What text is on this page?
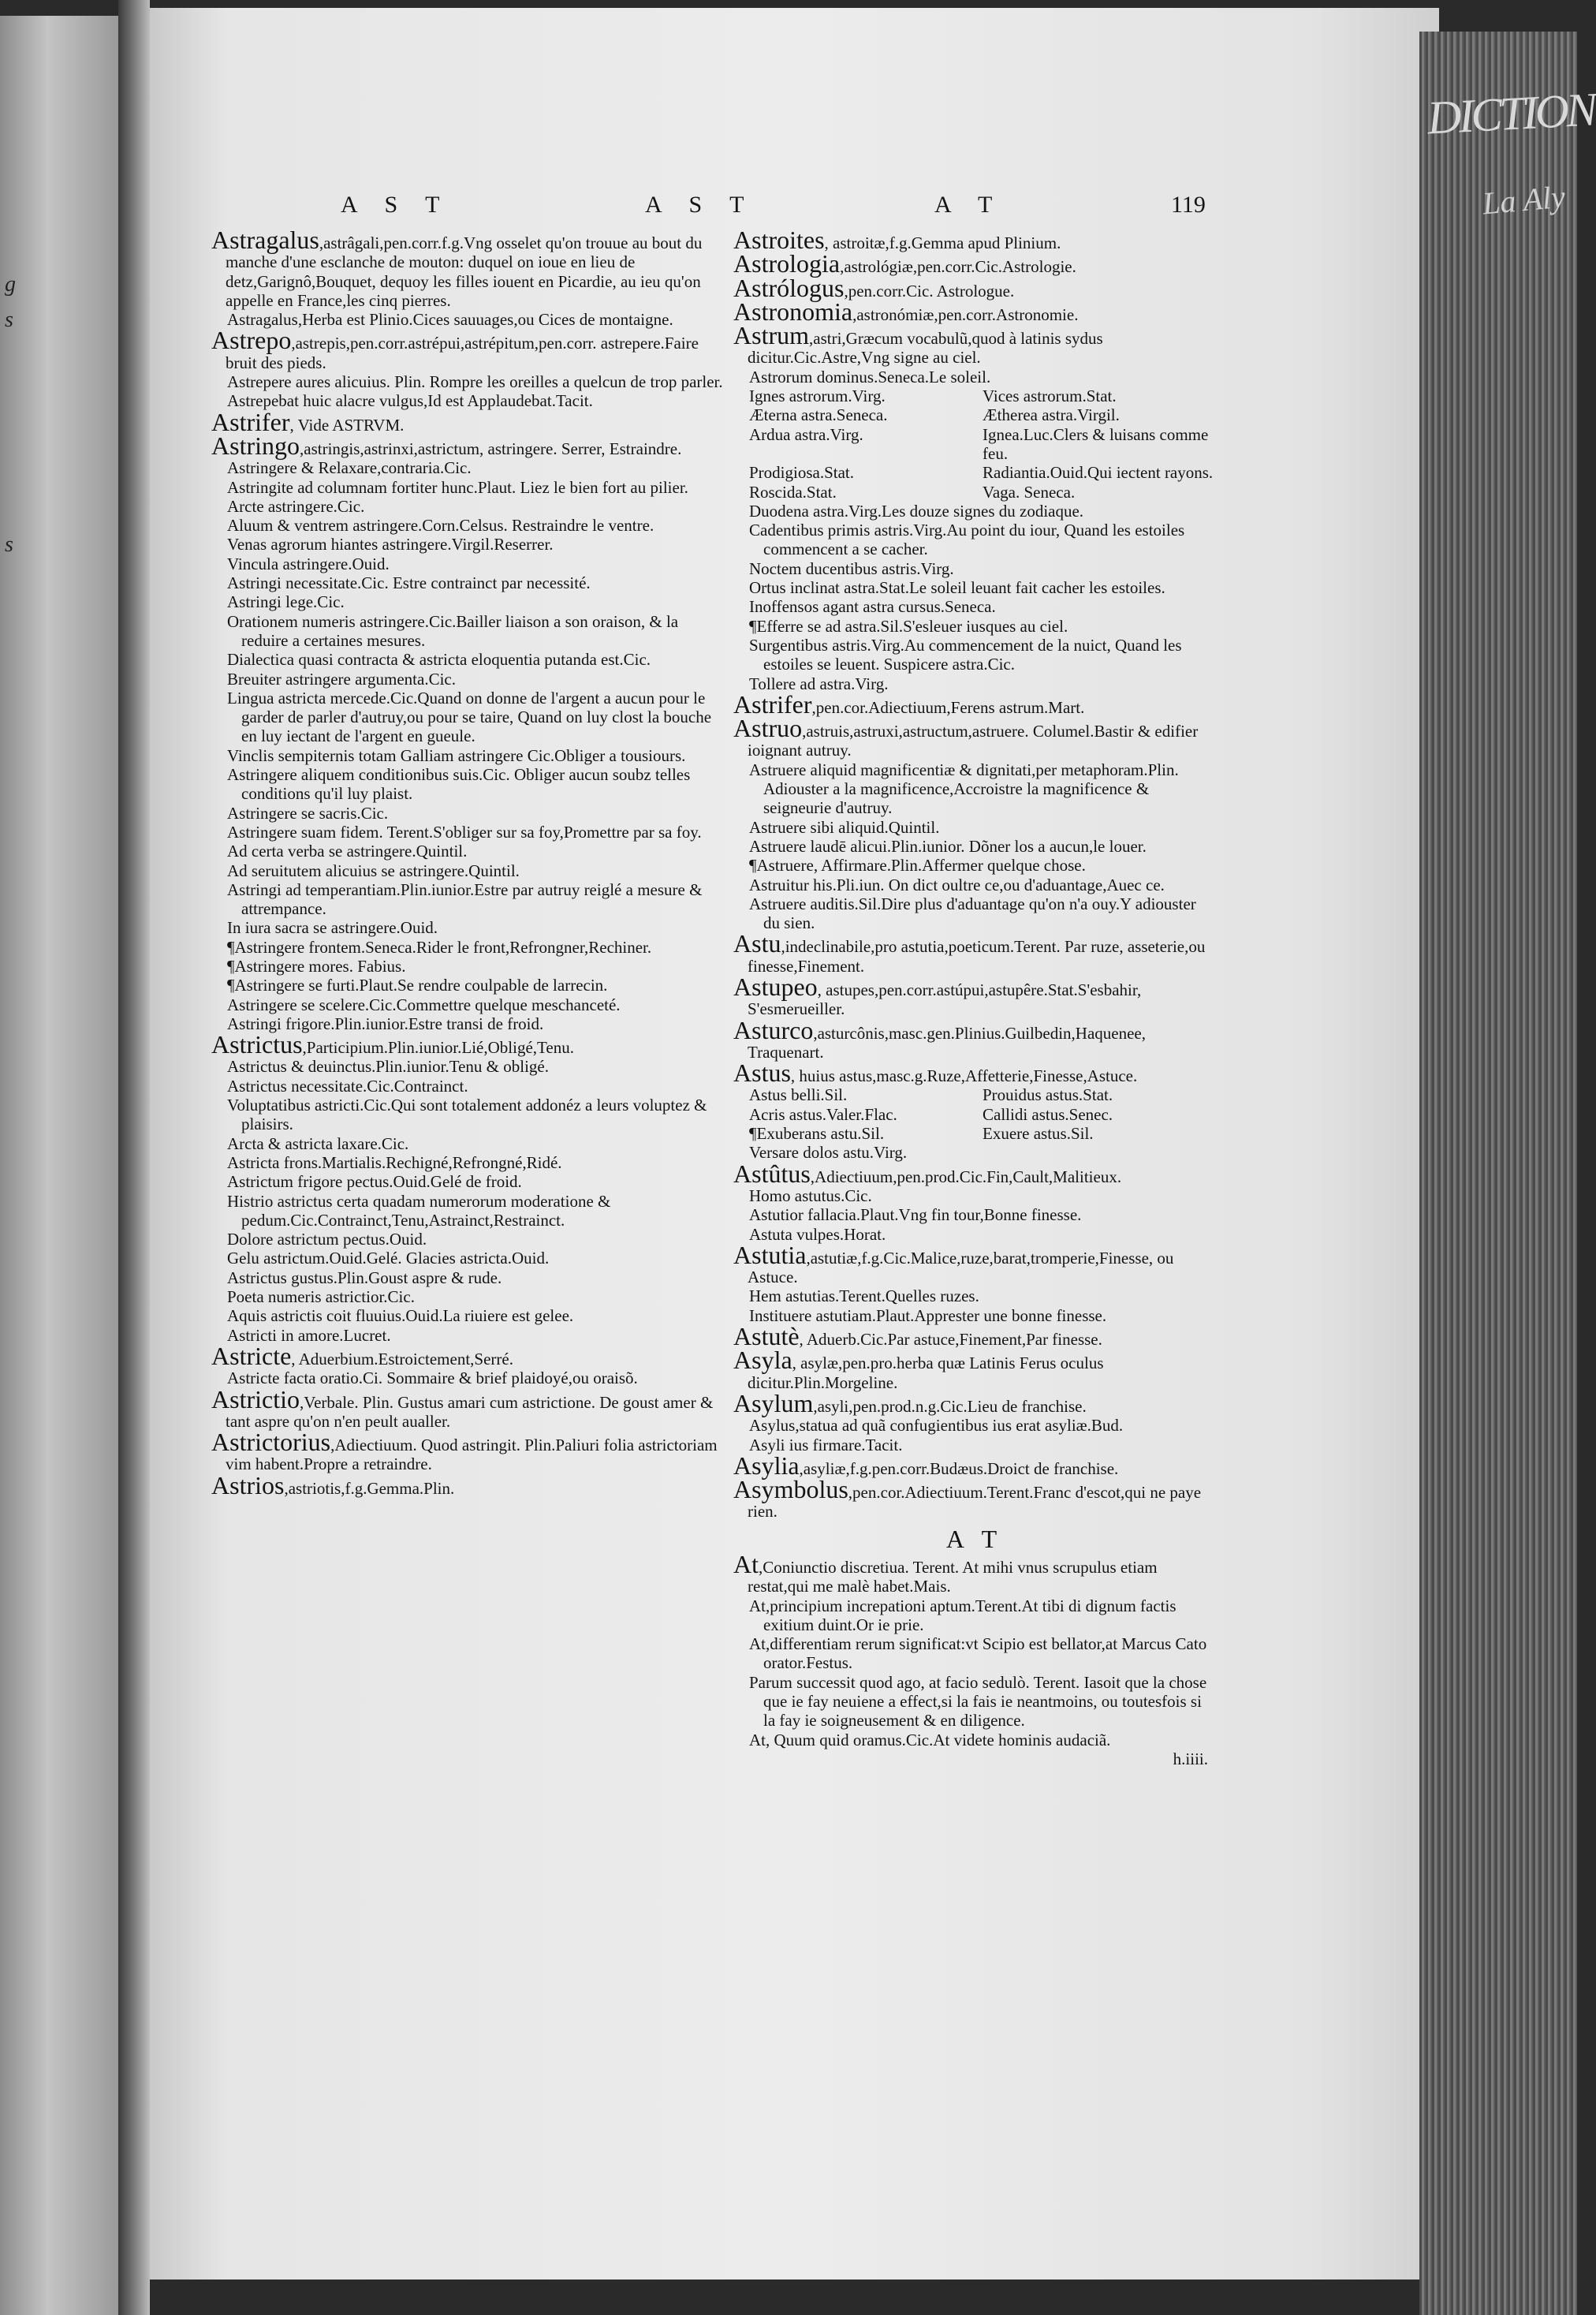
g
s
s
DICTION
La Aly
A S T	A S T	A T	119

Astragalus,astrâgali,pen.corr.f.g.Vng osselet qu'on trouue au bout du manche d'une esclanche de mouton: duquel on ioue en lieu de detz,Garignô,Bouquet, dequoy les filles iouent en Picardie, au ieu qu'on appelle en France,les cinq pierres.

Astragalus,Herba est Plinio.Cices sauuages,ou Cices de montaigne.

Astrepo,astrepis,pen.corr.astrépui,astrépitum,pen.corr. astrepere.Faire bruit des pieds.

Astrepere aures alicuius. Plin. Rompre les oreilles a quelcun de trop parler.

Astrepebat huic alacre vulgus,Id est Applaudebat.Tacit.

Astrifer, Vide ASTRVM.

Astringo,astringis,astrinxi,astrictum, astringere. Serrer, Estraindre.

Astringere & Relaxare,contraria.Cic.

Astringite ad columnam fortiter hunc.Plaut. Liez le bien fort au pilier.

Arcte astringere.Cic.

Aluum & ventrem astringere.Corn.Celsus. Restraindre le ventre.

Venas agrorum hiantes astringere.Virgil.Reserrer.

Vincula astringere.Ouid.

Astringi necessitate.Cic. Estre contrainct par necessité.

Astringi lege.Cic.

Orationem numeris astringere.Cic.Bailler liaison a son oraison, & la reduire a certaines mesures.

Dialectica quasi contracta & astricta eloquentia putanda est.Cic.

Breuiter astringere argumenta.Cic.

Lingua astricta mercede.Cic.Quand on donne de l'argent a aucun pour le garder de parler d'autruy,ou pour se taire, Quand on luy clost la bouche en luy iectant de l'argent en gueule.

Vinclis sempiternis totam Galliam astringere Cic.Obliger a tousiours.

Astringere aliquem conditionibus suis.Cic. Obliger aucun soubz telles conditions qu'il luy plaist.

Astringere se sacris.Cic.

Astringere suam fidem. Terent.S'obliger sur sa foy,Promettre par sa foy.

Ad certa verba se astringere.Quintil.

Ad seruitutem alicuius se astringere.Quintil.

Astringi ad temperantiam.Plin.iunior.Estre par autruy reiglé a mesure & attrempance.

In iura sacra se astringere.Ouid.

¶Astringere frontem.Seneca.Rider le front,Refrongner,Rechiner.

¶Astringere mores. Fabius.

¶Astringere se furti.Plaut.Se rendre coulpable de larrecin.

Astringere se scelere.Cic.Commettre quelque meschanceté.

Astringi frigore.Plin.iunior.Estre transi de froid.

Astrictus,Participium.Plin.iunior.Lié,Obligé,Tenu.

Astrictus & deuinctus.Plin.iunior.Tenu & obligé.

Astrictus necessitate.Cic.Contrainct.

Voluptatibus astricti.Cic.Qui sont totalement addonéz a leurs voluptez & plaisirs.

Arcta & astricta laxare.Cic.

Astricta frons.Martialis.Rechigné,Refrongné,Ridé.

Astrictum frigore pectus.Ouid.Gelé de froid.

Histrio astrictus certa quadam numerorum moderatione & pedum.Cic.Contrainct,Tenu,Astrainct,Restrainct.

Dolore astrictum pectus.Ouid.

Gelu astrictum.Ouid.Gelé. Glacies astricta.Ouid.

Astrictus gustus.Plin.Goust aspre & rude.

Poeta numeris astrictior.Cic.

Aquis astrictis coit fluuius.Ouid.La riuiere est gelee.

Astricti in amore.Lucret.

Astricte, Aduerbium.Estroictement,Serré.

Astricte facta oratio.Ci. Sommaire & brief plaidoyé,ou oraisõ.

Astrictio,Verbale. Plin. Gustus amari cum astrictione. De goust amer & tant aspre qu'on n'en peult aualler.

Astrictorius,Adiectiuum. Quod astringit. Plin.Paliuri folia astrictoriam vim habent.Propre a retraindre.

Astrios,astriotis,f.g.Gemma.Plin.

Astroites, astroitæ,f.g.Gemma apud Plinium.

Astrologia,astrológiæ,pen.corr.Cic.Astrologie.

Astrólogus,pen.corr.Cic. Astrologue.

Astronomia,astronómiæ,pen.corr.Astronomie.

Astrum,astri,Græcum vocabulũ,quod à latinis sydus dicitur.Cic.Astre,Vng signe au ciel.

Astrorum dominus.Seneca.Le soleil.

Ignes astrorum.Virg.	Vices astrorum.Stat.
Æterna astra.Seneca.	Ætherea astra.Virgil.
Ardua astra.Virg.	Ignea.Luc.Clers & luisans comme feu.
Prodigiosa.Stat.	Radiantia.Ouid.Qui iectent rayons.
Roscida.Stat.	Vaga. Seneca.

Duodena astra.Virg.Les douze signes du zodiaque.

Cadentibus primis astris.Virg.Au point du iour, Quand les estoiles commencent a se cacher.

Noctem ducentibus astris.Virg.

Ortus inclinat astra.Stat.Le soleil leuant fait cacher les estoiles.

Inoffensos agant astra cursus.Seneca.

¶Efferre se ad astra.Sil.S'esleuer iusques au ciel.

Surgentibus astris.Virg.Au commencement de la nuict, Quand les estoiles se leuent. Suspicere astra.Cic.

Tollere ad astra.Virg.

Astrifer,pen.cor.Adiectiuum,Ferens astrum.Mart.

Astruo,astruis,astruxi,astructum,astruere. Columel.Bastir & edifier ioignant autruy.

Astruere aliquid magnificentiæ & dignitati,per metaphoram.Plin. Adiouster a la magnificence,Accroistre la magnificence & seigneurie d'autruy.

Astruere sibi aliquid.Quintil.

Astruere laudē alicui.Plin.iunior. Dõner los a aucun,le louer.

¶Astruere, Affirmare.Plin.Affermer quelque chose.

Astruitur his.Pli.iun. On dict oultre ce,ou d'aduantage,Auec ce.

Astruere auditis.Sil.Dire plus d'aduantage qu'on n'a ouy.Y adiouster du sien.

Astu,indeclinabile,pro astutia,poeticum.Terent. Par ruze, asseterie,ou finesse,Finement.

Astupeo, astupes,pen.corr.astúpui,astupêre.Stat.S'esbahir, S'esmerueiller.

Asturco,asturcônis,masc.gen.Plinius.Guilbedin,Haquenee, Traquenart.

Astus, huius astus,masc.g.Ruze,Affetterie,Finesse,Astuce.

Astus belli.Sil.	Prouidus astus.Stat.
Acris astus.Valer.Flac.	Callidi astus.Senec.
¶Exuberans astu.Sil.	Exuere astus.Sil.

Versare dolos astu.Virg.

Astûtus,Adiectiuum,pen.prod.Cic.Fin,Cault,Malitieux.

Homo astutus.Cic.

Astutior fallacia.Plaut.Vng fin tour,Bonne finesse.

Astuta vulpes.Horat.

Astutia,astutiæ,f.g.Cic.Malice,ruze,barat,tromperie,Finesse, ou Astuce.

Hem astutias.Terent.Quelles ruzes.

Instituere astutiam.Plaut.Apprester une bonne finesse.

Astutè, Aduerb.Cic.Par astuce,Finement,Par finesse.

Asyla, asylæ,pen.pro.herba quæ Latinis Ferus oculus dicitur.Plin.Morgeline.

Asylum,asyli,pen.prod.n.g.Cic.Lieu de franchise.

Asylus,statua ad quã confugientibus ius erat asyliæ.Bud.

Asyli ius firmare.Tacit.

Asylia,asyliæ,f.g.pen.corr.Budæus.Droict de franchise.

Asymbolus,pen.cor.Adiectiuum.Terent.Franc d'escot,qui ne paye rien.

A T

At,Coniunctio discretiua. Terent. At mihi vnus scrupulus etiam restat,qui me malè habet.Mais.

At,principium increpationi aptum.Terent.At tibi di dignum factis exitium duint.Or ie prie.

At,differentiam rerum significat:vt Scipio est bellator,at Marcus Cato orator.Festus.

Parum successit quod ago, at facio sedulò. Terent. Iasoit que la chose que ie fay neuiene a effect,si la fais ie neantmoins, ou toutesfois si la fay ie soigneusement & en diligence.

At, Quum quid oramus.Cic.At videte hominis audaciã.

h.iiii.
